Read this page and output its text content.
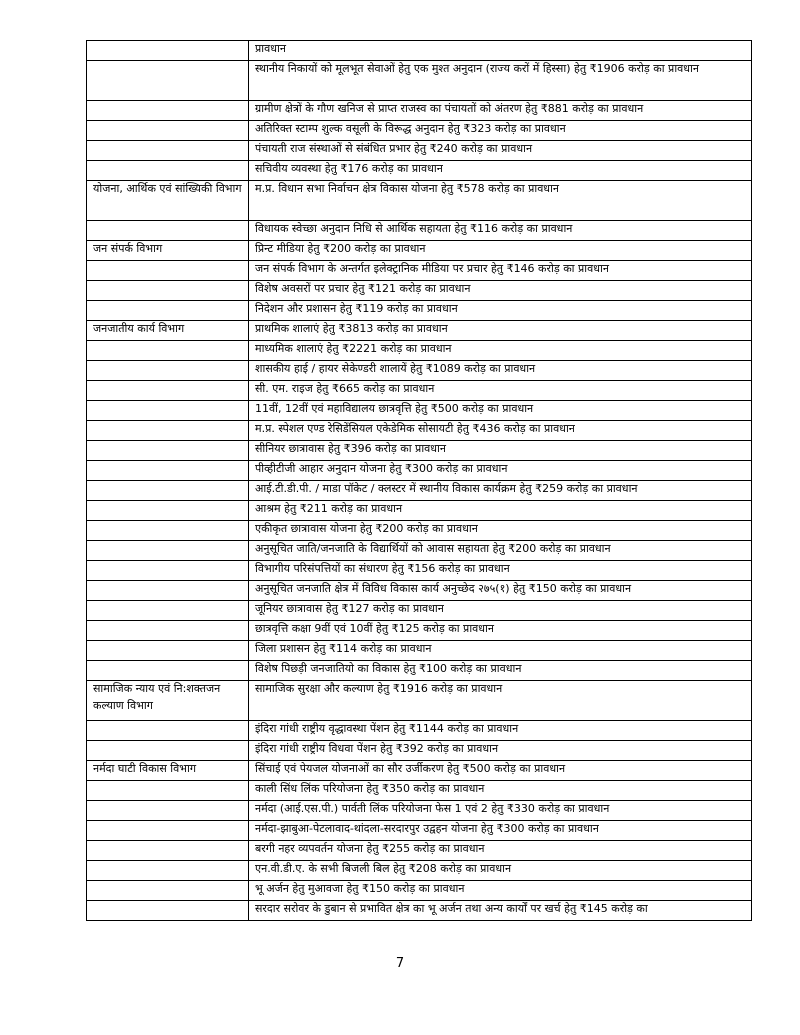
	प्रावधान
	स्थानीय निकायों को मूलभूत सेवाओं हेतु एक मुश्त अनुदान (राज्य करों में हिस्सा) हेतु ₹1906 करोड़ का प्रावधान
	ग्रामीण क्षेत्रों के गौण खनिज से प्राप्त राजस्व का पंचायतों को अंतरण हेतु ₹881 करोड़ का प्रावधान
	अतिरिक्त स्टाम्प शुल्क वसूली के विरूद्ध अनुदान हेतु ₹323 करोड़ का प्रावधान
	पंचायती राज संस्थाओं से संबंधित प्रभार हेतु ₹240 करोड़ का प्रावधान
	सचिवीय व्यवस्था हेतु ₹176 करोड़ का प्रावधान
योजना, आर्थिक एवं सांख्यिकी विभाग	म.प्र. विधान सभा निर्वाचन क्षेत्र विकास योजना हेतु ₹578 करोड़ का प्रावधान
	विधायक स्वेच्छा अनुदान निधि से आर्थिक सहायता हेतु ₹116 करोड़ का प्रावधान
जन संपर्क विभाग	प्रिन्ट मीडिया हेतु ₹200 करोड़ का प्रावधान
	जन संपर्क विभाग के अन्तर्गत इलेक्ट्रानिक मीडिया पर प्रचार हेतु ₹146 करोड़ का प्रावधान
	विशेष अवसरों पर प्रचार हेतु ₹121 करोड़ का प्रावधान
	निदेशन और प्रशासन हेतु ₹119 करोड़ का प्रावधान
जनजातीय कार्य विभाग	प्राथमिक शालाएं हेतु ₹3813 करोड़ का प्रावधान
	माध्यमिक शालाएं हेतु ₹2221 करोड़ का प्रावधान
	शासकीय हाई / हायर सेकेण्डरी शालायें हेतु ₹1089 करोड़ का प्रावधान
	सी. एम. राइज हेतु ₹665 करोड़ का प्रावधान
	11वीं, 12वीं एवं महाविद्यालय छात्रवृत्ति हेतु ₹500 करोड़ का प्रावधान
	म.प्र. स्पेशल एण्ड रेसिडेंसियल एकेडेमिक सोसायटी हेतु ₹436 करोड़ का प्रावधान
	सीनियर छात्रावास हेतु ₹396 करोड़ का प्रावधान
	पीव्हीटीजी आहार अनुदान योजना हेतु ₹300 करोड़ का प्रावधान
	आई.टी.डी.पी. / माडा पॉकेट / क्लस्टर में स्थानीय विकास कार्यक्रम हेतु ₹259 करोड़ का प्रावधान
	आश्रम हेतु ₹211 करोड़ का प्रावधान
	एकीकृत छात्रावास योजना हेतु ₹200 करोड़ का प्रावधान
	अनुसूचित जाति/जनजाति के विद्यार्थियों को आवास सहायता हेतु ₹200 करोड़ का प्रावधान
	विभागीय परिसंपत्तियों का संधारण हेतु ₹156 करोड़ का प्रावधान
	अनुसूचित जनजाति क्षेत्र में विविध विकास कार्य अनुच्छेद २७५(१) हेतु ₹150 करोड़ का प्रावधान
	जूनियर छात्रावास हेतु ₹127 करोड़ का प्रावधान
	छात्रवृत्ति कक्षा 9वीं एवं 10वीं हेतु ₹125 करोड़ का प्रावधान
	जिला प्रशासन हेतु ₹114 करोड़ का प्रावधान
	विशेष पिछड़ी जनजातियो का विकास हेतु ₹100 करोड़ का प्रावधान
सामाजिक न्याय एवं नि:शक्तजन कल्याण विभाग	सामाजिक सुरक्षा और कल्याण हेतु ₹1916 करोड़ का प्रावधान
	इंदिरा गांधी राष्ट्रीय वृद्धावस्था पेंशन हेतु ₹1144 करोड़ का प्रावधान
	इंदिरा गांधी राष्ट्रीय विधवा पेंशन हेतु ₹392 करोड़ का प्रावधान
नर्मदा घाटी विकास विभाग	सिंचाई एवं पेयजल योजनाओं का सौर उर्जीकरण हेतु ₹500 करोड़ का प्रावधान
	काली सिंध लिंक परियोजना हेतु ₹350 करोड़ का प्रावधान
	नर्मदा (आई.एस.पी.) पार्वती लिंक परियोजना फेस 1 एवं 2 हेतु ₹330 करोड़ का प्रावधान
	नर्मदा-झाबुआ-पेटलावाद-थांदला-सरदारपुर उद्वहन योजना हेतु ₹300 करोड़ का प्रावधान
	बरगी नहर व्यपवर्तन योजना हेतु ₹255 करोड़ का प्रावधान
	एन.वी.डी.ए. के सभी बिजली बिल हेतु ₹208 करोड़ का प्रावधान
	भू अर्जन हेतु मुआवजा हेतु ₹150 करोड़ का प्रावधान
	सरदार सरोवर के डुबान से प्रभावित क्षेत्र का भू अर्जन तथा अन्य कार्यों पर खर्च हेतु ₹145 करोड़ का
7
